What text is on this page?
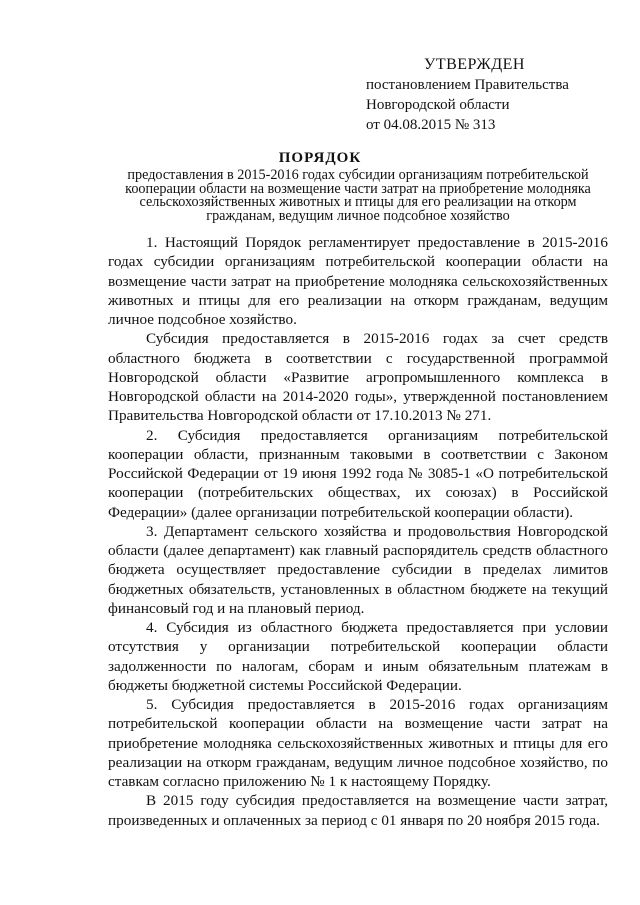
УТВЕРЖДЕН
постановлением Правительства
Новгородской области
от 04.08.2015 № 313
ПОРЯДОК
предоставления в 2015-2016 годах субсидии организациям потребительской кооперации области на возмещение части затрат на приобретение молодняка сельскохозяйственных животных и птицы для его реализации на откорм гражданам, ведущим личное подсобное хозяйство

1. Настоящий Порядок регламентирует предоставление в 2015-2016 годах субсидии организациям потребительской кооперации области на возмещение части затрат на приобретение молодняка сельскохозяйственных животных и птицы для его реализации на откорм гражданам, ведущим личное подсобное хозяйство.

Субсидия предоставляется в 2015-2016 годах за счет средств областного бюджета в соответствии с государственной программой Новгородской области «Развитие агропромышленного комплекса в Новгородской области на 2014-2020 годы», утвержденной постановлением Правительства Новгородской области от 17.10.2013 № 271.

2. Субсидия предоставляется организациям потребительской кооперации области, признанным таковыми в соответствии с Законом Российской Федерации от 19 июня 1992 года № 3085-1 «О потребительской кооперации (потребительских обществах, их союзах) в Российской Федерации» (далее организации потребительской кооперации области).

3. Департамент сельского хозяйства и продовольствия Новгородской области (далее департамент) как главный распорядитель средств областного бюджета осуществляет предоставление субсидии в пределах лимитов бюджетных обязательств, установленных в областном бюджете на текущий финансовый год и на плановый период.

4. Субсидия из областного бюджета предоставляется при условии отсутствия у организации потребительской кооперации области задолженности по налогам, сборам и иным обязательным платежам в бюджеты бюджетной системы Российской Федерации.

5. Субсидия предоставляется в 2015-2016 годах организациям потребительской кооперации области на возмещение части затрат на приобретение молодняка сельскохозяйственных животных и птицы для его реализации на откорм гражданам, ведущим личное подсобное хозяйство, по ставкам согласно приложению № 1 к настоящему Порядку.

В 2015 году субсидия предоставляется на возмещение части затрат, произведенных и оплаченных за период с 01 января по 20 ноября 2015 года.
